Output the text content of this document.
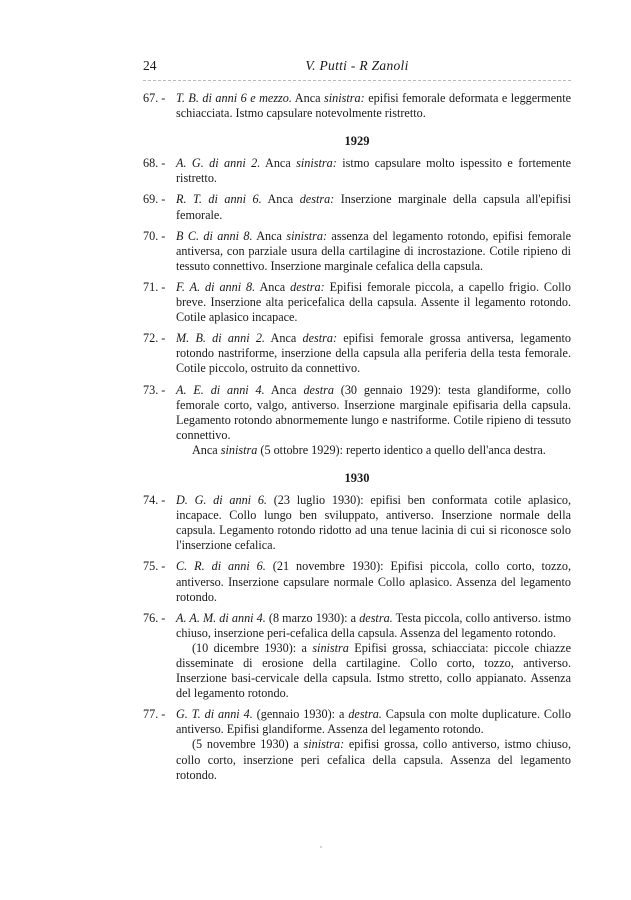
24	V. Putti - R Zanoli
67. - T. B. di anni 6 e mezzo. Anca sinistra: epifisi femorale deformata e leggermente schiacciata. Istmo capsulare notevolmente ristretto.
1929
68. - A. G. di anni 2. Anca sinistra: istmo capsulare molto ispessito e fortemente ristretto.
69. - R. T. di anni 6. Anca destra: Inserzione marginale della capsula all'epifisi femorale.
70. - B C. di anni 8. Anca sinistra: assenza del legamento rotondo, epifisi femorale antiversa, con parziale usura della cartilagine di incrostazione. Cotile ripieno di tessuto connettivo. Inserzione marginale cefalica della capsula.
71. - F. A. di anni 8. Anca destra: Epifisi femorale piccola, a capello frigio. Collo breve. Inserzione alta pericefalica della capsula. Assente il legamento rotondo. Cotile aplasico incapace.
72. - M. B. di anni 2. Anca destra: epifisi femorale grossa antiversa, legamento rotondo nastriforme, inserzione della capsula alla periferia della testa femorale. Cotile piccolo, ostruito da connettivo.
73. - A. E. di anni 4. Anca destra (30 gennaio 1929): testa glandiforme, collo femorale corto, valgo, antiverso. Inserzione marginale epifisaria della capsula. Legamento rotondo abnormemente lungo e nastriforme. Cotile ripieno di tessuto connettivo.
Anca sinistra (5 ottobre 1929): reperto identico a quello dell'anca destra.
1930
74. - D. G. di anni 6. (23 luglio 1930): epifisi ben conformata cotile aplasico, incapace. Collo lungo ben sviluppato, antiverso. Inserzione normale della capsula. Legamento rotondo ridotto ad una tenue lacinia di cui si riconosce solo l'inserzione cefalica.
75. - C. R. di anni 6. (21 novembre 1930): Epifisi piccola, collo corto, tozzo, antiverso. Inserzione capsulare normale Collo aplasico. Assenza del legamento rotondo.
76. - A. A. M. di anni 4. (8 marzo 1930): a destra. Testa piccola, collo antiverso. istmo chiuso, inserzione peri-cefalica della capsula. Assenza del legamento rotondo.
(10 dicembre 1930): a sinistra Epifisi grossa, schiacciata: piccole chiazze disseminate di erosione della cartilagine. Collo corto, tozzo, antiverso. Inserzione basi-cervicale della capsula. Istmo stretto, collo appianato. Assenza del legamento rotondo.
77. - G. T. di anni 4. (gennaio 1930): a destra. Capsula con molte duplicature. Collo antiverso. Epifisi glandiforme. Assenza del legamento rotondo.
(5 novembre 1930) a sinistra: epifisi grossa, collo antiverso, istmo chiuso, collo corto, inserzione peri cefalica della capsula. Assenza del legamento rotondo.
